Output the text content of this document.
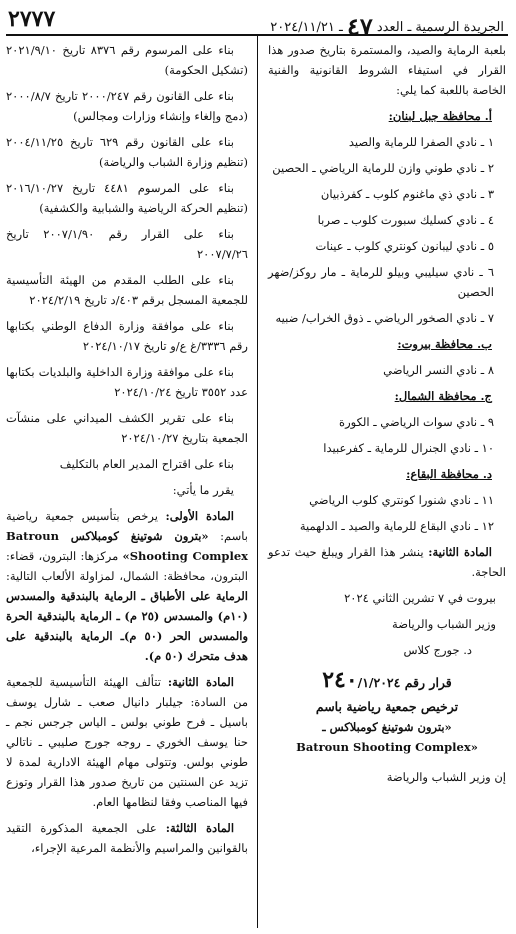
٢٧٧٧	الجريدة الرسمية ـ العدد ٤٧ ـ ٢٠٢٤/١١/٢١

بلعبة الرماية والصيد، والمستمرة بتاريخ صدور هذا القرار في استيفاء الشروط القانونية والفنية الخاصة باللعبة كما يلي:

أ. محافظة جبل لبنان:

١ ـ نادي الصفرا للرماية والصيد

٢ ـ نادي طوني وازن للرماية الرياضي ـ الحصين

٣ ـ نادي ذي ماغنوم كلوب ـ كفرذبيان

٤ ـ نادي كسليك سبورت كلوب ـ صربا

٥ ـ نادي ليبانون كونتري كلوب ـ عينات

٦ ـ نادي سيليبي وبيلو للرماية ـ مار روكز/ضهر الحصين

٧ ـ نادي الصخور الرياضي ـ ذوق الخراب/ ضبيه

ب. محافظة بيروت:

٨ ـ نادي النسر الرياضي

ج. محافظة الشمال:

٩ ـ نادي سوات الرياضي ـ الكورة

١٠ ـ نادي الجنرال للرماية ـ كفرعبيدا

د. محافظة البقاع:

١١ ـ نادي شنورا كونتري كلوب الرياضي

١٢ ـ نادي البقاع للرماية والصيد ـ الدلهمية

المادة الثانية: ينشر هذا القرار ويبلغ حيث تدعو الحاجة.

بيروت في ٧ تشرين الثاني ٢٠٢٤

وزير الشباب والرياضة

د. جورج كلاس

قرار رقم ٢٤٠/١/٢٠٢٤
ترخيص جمعية رياضية باسم
«بترون شوتينغ كومبلاكس ـ
Batroun Shooting Complex»

إن وزير الشباب والرياضة

بناء على المرسوم رقم ٨٣٧٦ تاريخ ٢٠٢١/٩/١٠ (تشكيل الحكومة)

بناء على القانون رقم ٢٠٠٠/٢٤٧ تاريخ ٢٠٠٠/٨/٧ (دمج وإلغاء وإنشاء وزارات ومجالس)

بناء على القانون رقم ٦٢٩ تاريخ ٢٠٠٤/١١/٢٥ (تنظيم وزارة الشباب والرياضة)

بناء على المرسوم ٤٤٨١ تاريخ ٢٠١٦/١٠/٢٧ (تنظيم الحركة الرياضية والشبابية والكشفية)

بناء على القرار رقم ٢٠٠٧/١/٩٠ تاريخ ٢٠٠٧/٧/٢٦

بناء على الطلب المقدم من الهيئة التأسيسية للجمعية المسجل برقم ٤٠٣/د تاريخ ٢٠٢٤/٢/١٩

بناء على موافقة وزارة الدفاع الوطني بكتابها رقم ٣٣٣٦/غ ع/و تاريخ ٢٠٢٤/١٠/١٧

بناء على موافقة وزارة الداخلية والبلديات بكتابها عدد ٣٥٥٢ تاريخ ٢٠٢٤/١٠/٢٤

بناء على تقرير الكشف الميداني على منشآت الجمعية بتاريخ ٢٠٢٤/١٠/٢٧

بناء على اقتراح المدير العام بالتكليف

يقرر ما يأتي:

المادة الأولى: يرخص بتأسيس جمعية رياضية باسم: «بترون شوتينغ كومبلاكس Batroun Shooting Complex» مركزها: البترون، قضاء: البترون، محافظة: الشمال، لمزاولة الألعاب التالية: الرماية على الأطباق ـ الرماية بالبندقية والمسدس (١٠م) والمسدس (٢٥ م) ـ الرماية بالبندقية الحرة والمسدس الحر (٥٠ م)ـ الرماية بالبندقية على هدف متحرك (٥٠ م).

المادة الثانية: تتألف الهيئة التأسيسية للجمعية من السادة: جيلبار دانيال صعب ـ شارل يوسف باسيل ـ فرح طوني بولس ـ الياس جرجس نجم ـ حنا يوسف الخوري ـ روجه جورج صليبي ـ ناتالي طوني بولس. وتتولى مهام الهيئة الادارية لمدة لا تزيد عن السنتين من تاريخ صدور هذا القرار وتوزع فيها المناصب وفقا لنظامها العام.

المادة الثالثة: على الجمعية المذكورة التقيد بالقوانين والمراسيم والأنظمة المرعية الإجراء،
